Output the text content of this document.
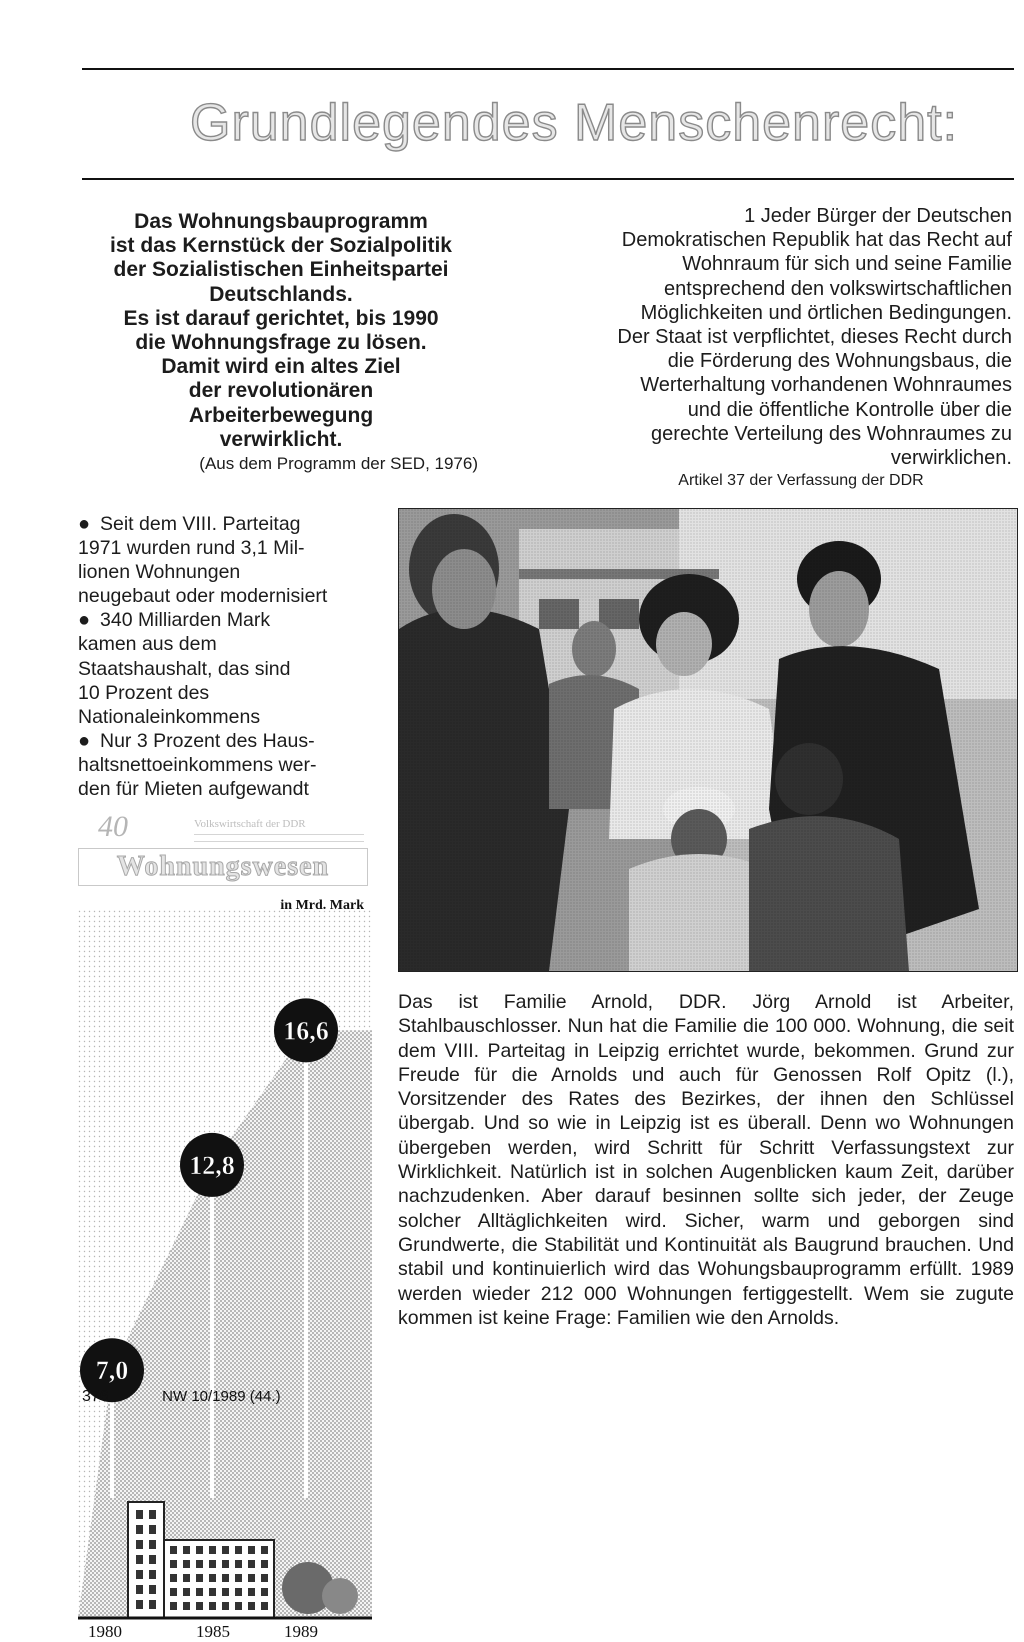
Grundlegendes Menschenrecht:
Das Wohnungsbauprogramm
ist das Kernstück der Sozialpolitik
der Sozialistischen Einheitspartei
Deutschlands.
Es ist darauf gerichtet, bis 1990
die Wohnungsfrage zu lösen.
Damit wird ein altes Ziel
der revolutionären
Arbeiterbewegung
verwirklicht.
(Aus dem Programm der SED, 1976)
1 Jeder Bürger der Deutschen
Demokratischen Republik hat das Recht auf
Wohnraum für sich und seine Familie
entsprechend den volkswirtschaftlichen
Möglichkeiten und örtlichen Bedingungen.
Der Staat ist verpflichtet, dieses Recht durch
die Förderung des Wohnungsbaus, die
Werterhaltung vorhandenen Wohnraumes
und die öffentliche Kontrolle über die
gerechte Verteilung des Wohnraumes zu
verwirklichen.
Artikel 37 der Verfassung der DDR
● Seit dem VIII. Parteitag
1971 wurden rund 3,1 Mil-
lionen Wohnungen
neugebaut oder modernisiert
● 340 Milliarden Mark
kamen aus dem
Staatshaushalt, das sind
10 Prozent des
Nationaleinkommens
● Nur 3 Prozent des Haus-
haltsnettoeinkommens wer-
den für Mieten aufgewandt
40	Volkswirtschaft der DDR
Wohnungswesen
7,0
12,8
16,6
in Mrd. Mark
1980	1985	1989
Das ist Familie Arnold, DDR. Jörg Arnold ist Arbeiter, Stahlbauschlosser. Nun hat die Familie die 100 000. Wohnung, die seit dem VIII. Parteitag in Leipzig errichtet wurde, bekommen. Grund zur Freude für die Arnolds und auch für Genossen Rolf Opitz (l.), Vorsitzender des Rates des Bezirkes, der ihnen den Schlüssel übergab. Und so wie in Leipzig ist es überall. Denn wo Wohnungen übergeben werden, wird Schritt für Schritt Verfassungstext zur Wirklichkeit. Natürlich ist in solchen Augenblicken kaum Zeit, darüber nachzudenken. Aber darauf besinnen sollte sich jeder, der Zeuge solcher Alltäglichkeiten wird. Sicher, warm und geborgen sind Grundwerte, die Stabilität und Kontinuität als Baugrund brauchen. Und stabil und kontinuierlich wird das Wohungsbauprogramm erfüllt. 1989 werden wieder 212 000 Wohnungen fertiggestellt. Wem sie zugute kommen ist keine Frage: Familien wie den Arnolds.
376	NW 10/1989 (44.)
